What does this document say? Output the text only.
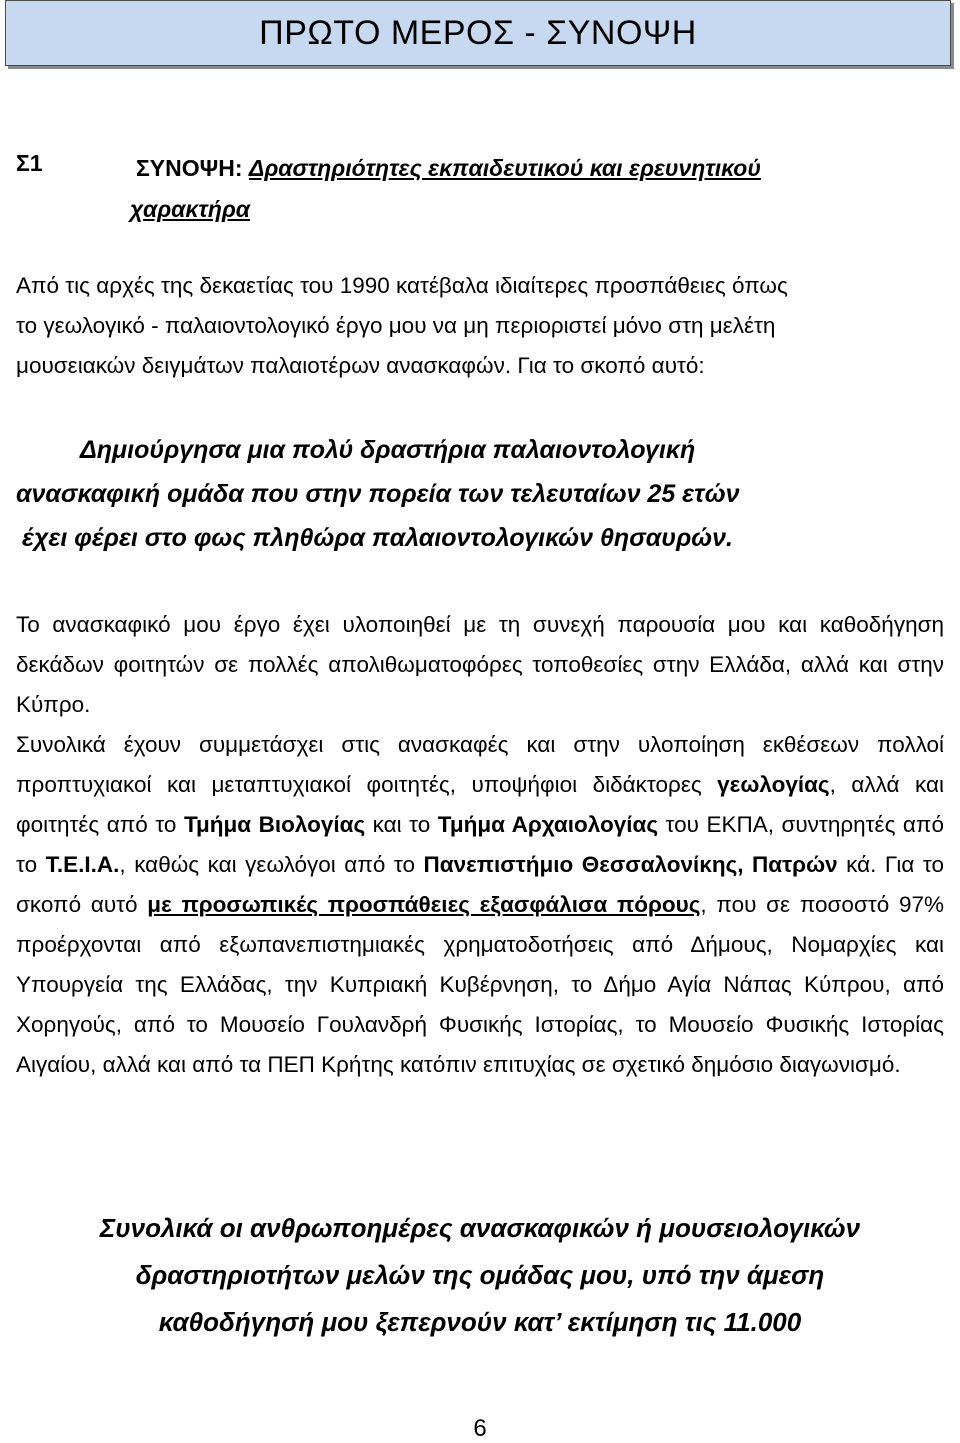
ΠΡΩΤΟ ΜΕΡΟΣ - ΣΥΝΟΨΗ
Σ1	ΣΥΝΟΨΗ: Δραστηριότητες εκπαιδευτικού και ερευνητικού
χαρακτήρα
Από τις αρχές της δεκαετίας του 1990 κατέβαλα ιδιαίτερες προσπάθειες όπως
το γεωλογικό - παλαιοντολογικό έργο μου να μη περιοριστεί μόνο στη μελέτη
μουσειακών δειγμάτων παλαιοτέρων ανασκαφών. Για το σκοπό αυτό:
Δημιούργησα μια πολύ δραστήρια παλαιοντολογική
ανασκαφική ομάδα που στην πορεία των τελευταίων 25 ετών
έχει φέρει στο φως πληθώρα παλαιοντολογικών θησαυρών.
Το ανασκαφικό μου έργο έχει υλοποιηθεί με τη συνεχή παρουσία μου και καθοδήγηση δεκάδων φοιτητών σε πολλές απολιθωματοφόρες τοποθεσίες στην Ελλάδα, αλλά και στην Κύπρο.
Συνολικά έχουν συμμετάσχει στις ανασκαφές και στην υλοποίηση εκθέσεων πολλοί προπτυχιακοί και μεταπτυχιακοί φοιτητές, υποψήφιοι διδάκτορες γεωλογίας, αλλά και φοιτητές από το Τμήμα Βιολογίας και το Τμήμα Αρχαιολογίας του ΕΚΠΑ, συντηρητές από το Τ.Ε.Ι.Α., καθώς και γεωλόγοι από το Πανεπιστήμιο Θεσσαλονίκης, Πατρών κά. Για το σκοπό αυτό με προσωπικές προσπάθειες εξασφάλισα πόρους, που σε ποσοστό 97% προέρχονται από εξωπανεπιστημιακές χρηματοδοτήσεις από Δήμους, Νομαρχίες και Υπουργεία της Ελλάδας, την Κυπριακή Κυβέρνηση, το Δήμο Αγία Νάπας Κύπρου, από Χορηγούς, από το Μουσείο Γουλανδρή Φυσικής Ιστορίας, το Μουσείο Φυσικής Ιστορίας Αιγαίου, αλλά και από τα ΠΕΠ Κρήτης κατόπιν επιτυχίας σε σχετικό δημόσιο διαγωνισμό.
Συνολικά οι ανθρωποημέρες ανασκαφικών ή μουσειολογικών
δραστηριοτήτων μελών της ομάδας μου, υπό την άμεση
καθοδήγησή μου ξεπερνούν κατ’ εκτίμηση τις 11.000
6
